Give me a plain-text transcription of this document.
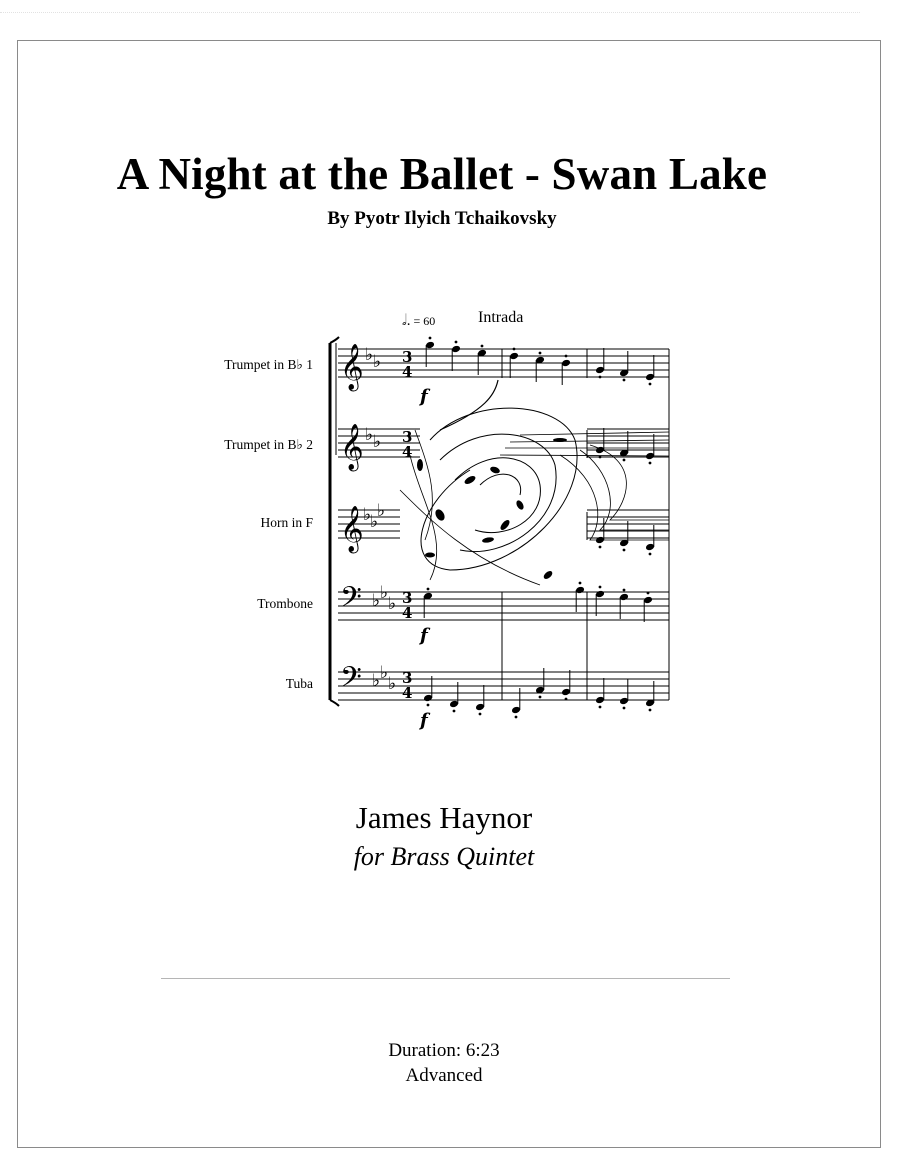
A Night at the Ballet - Swan Lake
By Pyotr Ilyich Tchaikovsky
𝅗𝅥. = 60	Intrada
Trumpet in B♭ 1
Trumpet in B♭ 2
Horn in F
Trombone
Tuba
𝄞
𝄞
𝄞
𝄢
𝄢
♭ ♭
♭ ♭
♭
♭
♭
♭ ♭
♭
♭ ♭
♭
3
4
3
4
3
4
3
4
f
f
f
James Haynor
for Brass Quintet
Duration: 6:23
Advanced
